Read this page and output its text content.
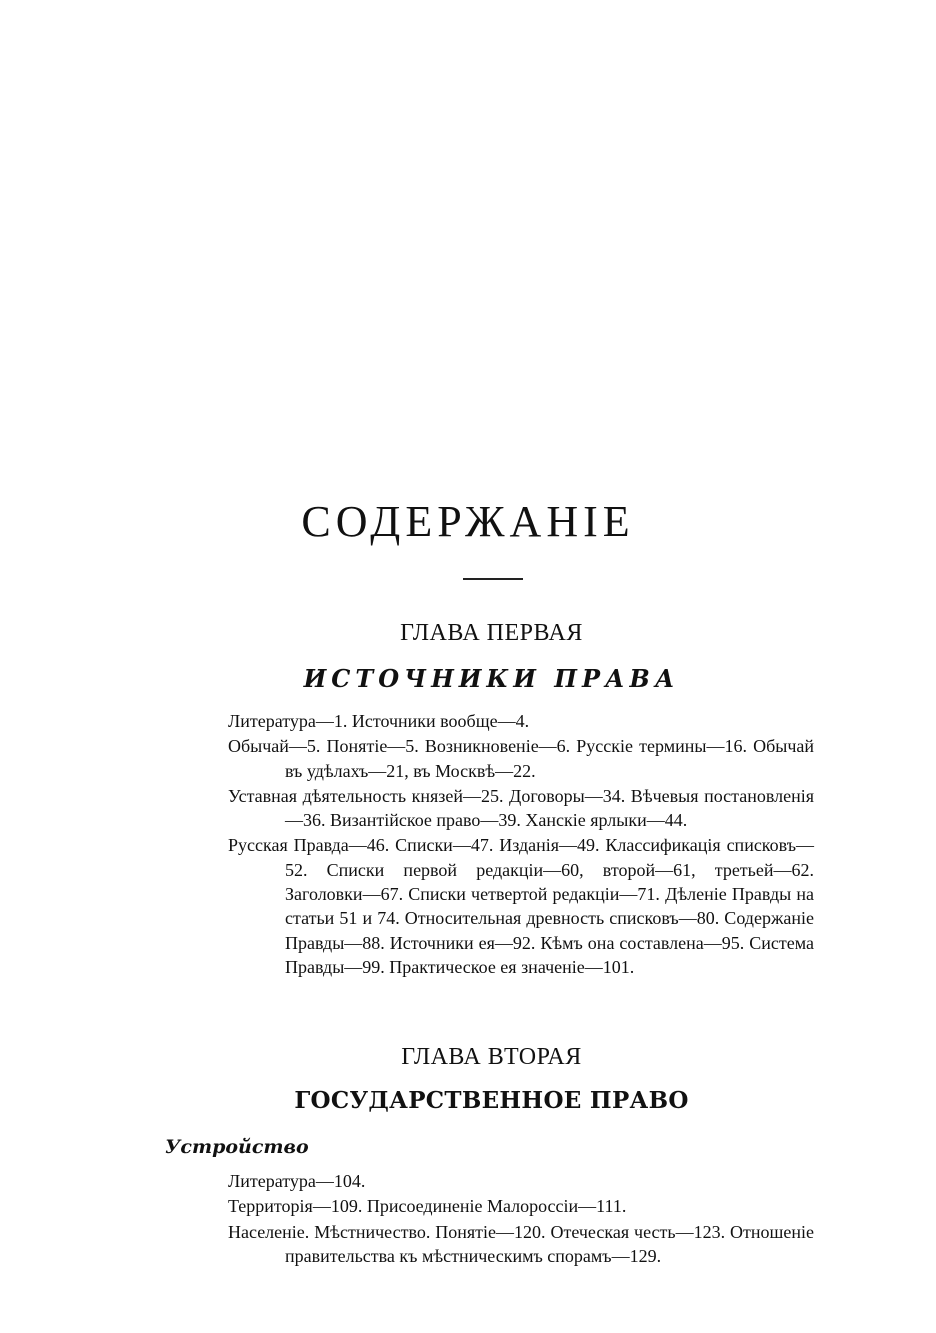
СОДЕРЖАНІЕ
ГЛАВА ПЕРВАЯ
ИСТОЧНИКИ ПРАВА
Литература—1. Источники вообще—4.
Обычай—5. Понятіе—5. Возникновеніе—6. Русскіе термины—16. Обычай въ удѣлахъ—21, въ Москвѣ—22.
Уставная дѣятельность князей—25. Договоры—34. Вѣчевыя постановленія—36. Византійское право—39. Ханскіе ярлыки—44.
Русская Правда—46. Списки—47. Изданія—49. Классификація списковъ—52. Списки первой редакціи—60, второй—61, третьей—62. Заголовки—67. Списки четвертой редакціи—71. Дѣленіе Правды на статьи 51 и 74. Относительная древность списковъ—80. Содержаніе Правды—88. Источники ея—92. Кѣмъ она составлена—95. Система Правды—99. Практическое ея значеніе—101.
ГЛАВА ВТОРАЯ
ГОСУДАРСТВЕННОЕ ПРАВО
Устройство
Литература—104.
Территорія—109. Присоединеніе Малороссіи—111.
Населеніе. Мѣстничество. Понятіе—120. Отеческая честь—123. Отношеніе правительства къ мѣстническимъ спорамъ—129.
